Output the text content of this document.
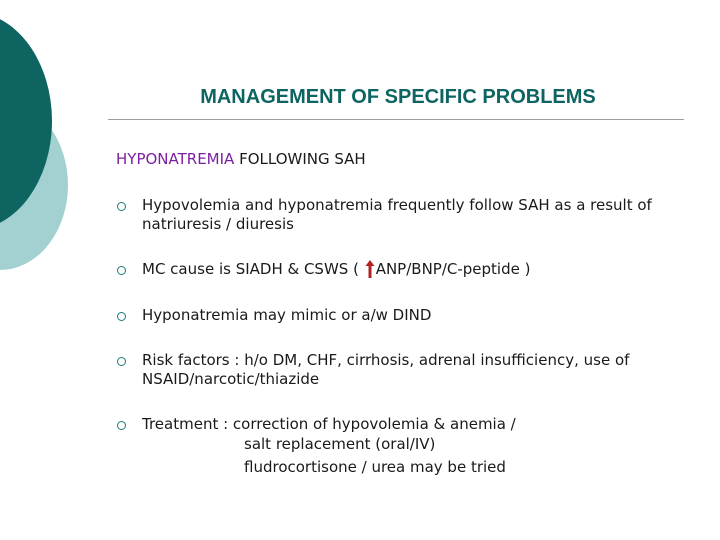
MANAGEMENT OF SPECIFIC PROBLEMS
HYPONATREMIA FOLLOWING SAH
Hypovolemia and hyponatremia frequently follow SAH as a result of natriuresis / diuresis
MC cause is SIADH & CSWS ( ANP/BNP/C-peptide )
Hyponatremia may mimic or a/w DIND
Risk factors : h/o DM, CHF, cirrhosis, adrenal insufficiency, use of NSAID/narcotic/thiazide
Treatment : correction of hypovolemia & anemia /
salt replacement (oral/IV)
fludrocortisone / urea may be tried
